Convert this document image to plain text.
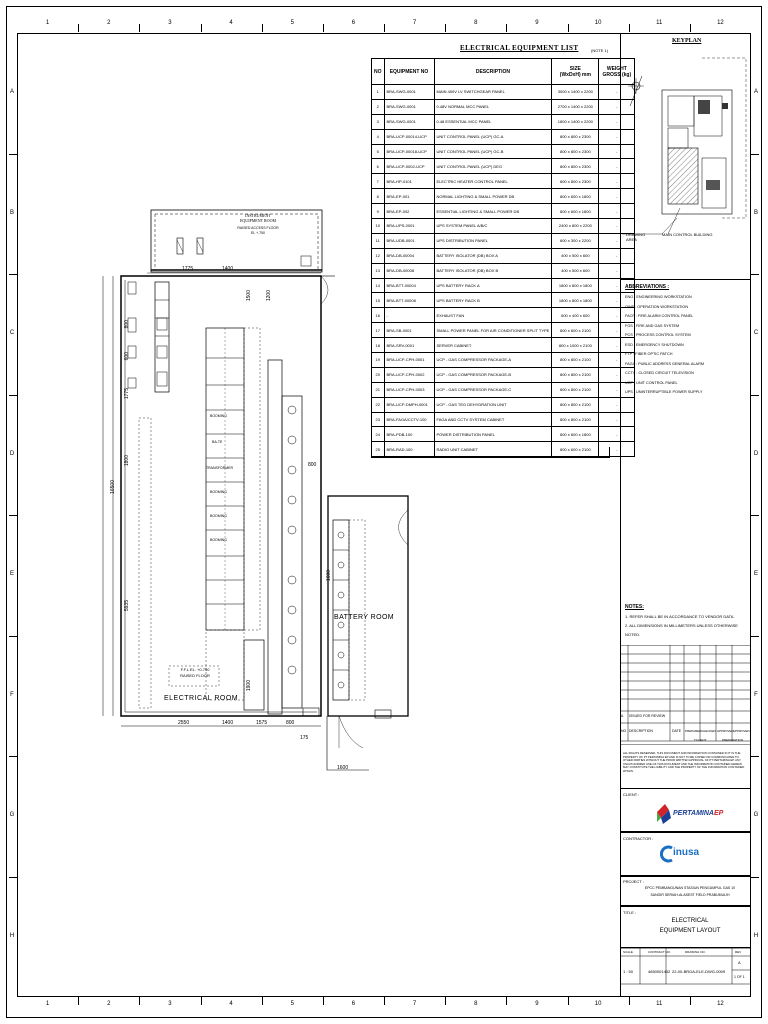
1	2	3	4	5	6	7	8	9	10	11	12
1	2	3	4	5	6	7	8	9	10	11	12
A
B
C
D
E
F
G
H
A
B
C
D
E
F
G
H
INSTRUMENT
EQUIPMENT ROOM
RAISED ACCESS FLOOR
EL +.750
1775	1400
ELECTRICAL ROOM
BATTERY ROOM
F.F.L EL. +0.750
RAISED FLOOR
2550	1400	1575	800
1600
800
175
16500
800
600
1775
1800
5935
1500	1200
1900
1600
BOOMING
BA-TE
TRANSFORMER
BOOMING
BOOMING
BOOMING
ELECTRICAL EQUIPMENT LIST	(NOTE 1)
NO	EQUIPMENT NO	DESCRIPTION	SIZE
(WxDxH) mm	WEIGHT
GROSS (kg)
1	BRA-SWG-0001	MAIN 400V LV SWITCHGEAR PANEL	3000 x 1400 x 2200	-
2	BRA-SWG-0001	0.48V NORMAL MCC PANEL	2700 x 1400 x 2200	-
3	BRA-SWG-0001	0.48 ESSENTIAL MCC PANEL	1800 x 1400 x 2200	-
4	BRA-UCP-00014-UCP	UNIT CONTROL PANEL (UCP) GC-A	800 x 800 x 2300	-
5	BRA-UCP-00018-UCP	UNIT CONTROL PANEL (UCP) GC-B	800 x 800 x 2300	-
6	BRA-UCP-0002-UCP	UNIT CONTROL PANEL (UCP) DEG	800 x 800 x 2300	-
7	BRA-HP-0101	ELECTRIC HEATER CONTROL PANEL	800 x 800 x 2300	-
8	BRA-EP-001	NORMAL LIGHTING & SMALL POWER DB	800 x 600 x 1800	-
9	BRA-EP-002	ESSENTIAL LIGHTING & SMALL POWER DB	800 x 600 x 1800	-
10	BRA-UPS-0001	UPS SYSTEM PANEL A/B/C	2400 x 800 x 2200	-
11	BRA-UDB-0001	UPS DISTRIBUTION PANEL	600 x 300 x 2200	-
12	BRA-DB-00004	BATTERY ISOLATOR (DB) BOX A	400 x 500 x 600	-
13	BRA-DB-00008	BATTERY ISOLATOR (DB) BOX B	400 x 500 x 600	-
14	BRA-BTT-00004	UPS BATTERY RACK A	1800 x 800 x 1800	-
15	BRA-BTT-00008	UPS BATTERY RACK B	1800 x 800 x 1800	-
16	-	EXHAUST FAN	600 x 400 x 600	-
17	BRA-SB-0001	SMALL POWER PANEL FOR AIR CONDITIONER SPLIT TYPE	800 x 600 x 2100	-
18	BRA-SRV-0001	SERVER CABINET	800 x 1000 x 2100	-
19	BRA-UCP-CPH-0001	UCP - GAS COMPRESSOR PACKAGE-A	800 x 800 x 2100	-
20	BRA-UCP-CPH-0002	UCP - GAS COMPRESSOR PACKAGE-B	800 x 800 x 2100	-
21	BRA-UCP-CPH-0003	UCP - GAS COMPRESSOR PACKAGE-C	800 x 800 x 2100	-
22	BRA-UCP-DMPH-0001	UCP - GAS TEG DEHYDRATION UNIT	800 x 800 x 2100	-
23	BRA-FAGA/CCTV-100	FAGA AND CCTV SYSTEM CABINET	800 x 800 x 2100	-
24	BRA-PDB-100	POWER DISTRIBUTION PANEL	800 x 600 x 1800	-
25	BRA-RAD-100	RADIO UNIT CABINET	800 x 600 x 2100	-
KEYPLAN
DRAWING
AREA
MAIN CONTROL BUILDING
ABBREVIATIONS :
ENG : ENGINEERING WORKSTATION
OWS : OPERATION WORKSTATION
FACP : FIRE ALARM CONTROL PANEL
FGS : FIRE AND GAS SYSTEM
PCS : PROCESS CONTROL SYSTEM
ESD : EMERGENCY SHUTDOWN
FTP : FIBER OPTIC PATCH
FAGA : PUBLIC ADDRESS GENERAL ALARM
CCTV : CLOSED CIRCUIT TELEVISION
UCP : UNIT CONTROL PANEL
UPS : UNINTERRUPTIBLE POWER SUPPLY
NOTES:
1. REFER SHALL BE IN ACCORDANCE TO VENDOR DATA.
2. ALL DIMENSIONS IN MILLIMETERS UNLESS OTHERWISE NOTED.
A ISSUED FOR REVIEW
NO DESCRIPTION	DATE PREPARED CHECKED APPROVED APPROVED
TCLIENT	PREPARATION
ALL RIGHTS RESERVED. THIS DOCUMENT AND INFORMATION CONTAINED IN IT IS THE PROPERTY OF PT PERTAMINA EP AND IS NOT TO BE COPIED OR COMMUNICATED TO OTHER PARTIES WITHOUT THE PRIOR WRITTEN APPROVAL OF PT PERTAMINA EP. ANY UNAUTHORIZED USE OF THIS DOCUMENT AND THE INFORMATION CONTAINED HEREIN MAY CONSTITUTE THE LIABILITY AND THE PROPERTY OF THE INFORMATION CONTAINED WITHIN.
CLIENT :
PERTAMINAEP
CONTRACTOR :
inusa
PROJECT :
EPCC PEMBANGUNAN STASIUN PENGUMPUL GAS 10
SANGIR SERIAH-ALASEST FIELD PRABUMULIH
TITLE :
ELECTRICAL
EQUIPMENT LAYOUT
SCALE	CONTRACT NO.	DRAWING NO.	REV
1 : 50	4650001432 22-00-BRGA-ELE-DWG-0009
A
1 OF 1
